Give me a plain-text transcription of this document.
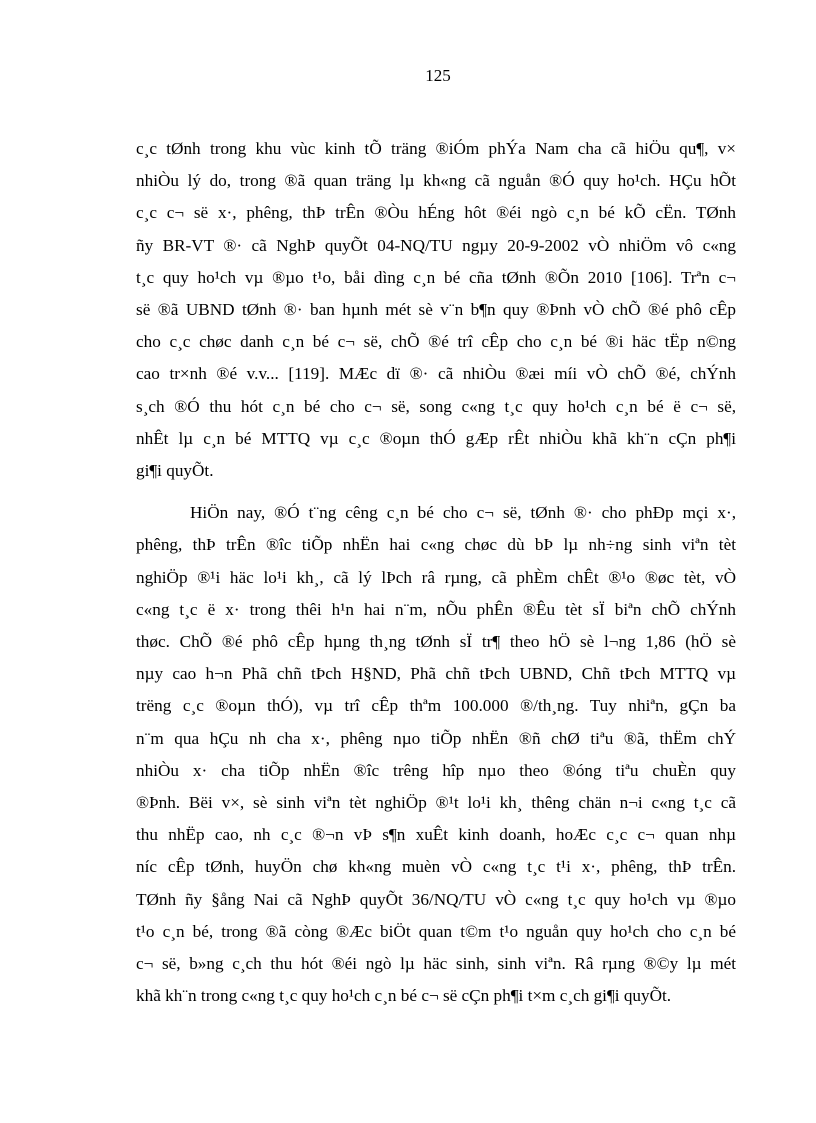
125

c¸c tØnh trong khu vùc kinh tÕ träng ®iÓm phÝa Nam cha cã hiÖu qu¶, v×
nhiÒu lý do, trong ®ã quan träng lµ kh«ng cã nguån ®Ó quy ho¹ch. HÇu hÕt
c¸c c¬ së x·, phêng, thÞ trÊn ®Òu hÉng hôt ®éi ngò c¸n bé kÕ cËn. TØnh
ñy BR-VT ®· cã NghÞ quyÕt 04-NQ/TU ngµy 20-9-2002 vÒ nhiÖm vô c«ng
t¸c quy ho¹ch vµ ®µo t¹o, båi dìng c¸n bé cña tØnh ®Õn 2010 [106]. Trªn c¬
së ®ã UBND tØnh ®· ban hµnh mét sè v¨n b¶n quy ®Þnh vÒ chÕ ®é phô cÊp
cho c¸c chøc danh c¸n bé c¬ së, chÕ ®é trî cÊp cho c¸n bé ®i häc tËp n©ng
cao tr×nh ®é v.v... [119]. MÆc dï ®· cã nhiÒu ®æi míi vÒ chÕ ®é, chÝnh
s¸ch ®Ó thu hót c¸n bé cho c¬ së, song c«ng t¸c quy ho¹ch c¸n bé ë c¬ së,
nhÊt lµ c¸n bé MTTQ vµ c¸c ®oµn thÓ gÆp rÊt nhiÒu khã kh¨n cÇn ph¶i
gi¶i quyÕt.

HiÖn nay, ®Ó t¨ng cêng c¸n bé cho c¬ së, tØnh ®· cho phÐp mçi x·,
phêng, thÞ trÊn ®îc tiÕp nhËn hai c«ng chøc dù bÞ lµ nh÷ng sinh viªn tèt
nghiÖp ®¹i häc lo¹i kh¸, cã lý lÞch râ rµng, cã phÈm chÊt ®¹o ®øc tèt, vÒ
c«ng t¸c ë x· trong thêi h¹n hai n¨m, nÕu phÊn ®Êu tèt sÏ biªn chÕ chÝnh
thøc. ChÕ ®é phô cÊp hµng th¸ng tØnh sÏ tr¶ theo hÖ sè l¬ng 1,86 (hÖ sè
nµy cao h¬n Phã chñ tÞch H§ND, Phã chñ tÞch UBND, Chñ tÞch MTTQ vµ
trëng c¸c ®oµn thÓ), vµ trî cÊp thªm 100.000 ®/th¸ng. Tuy nhiªn, gÇn ba
n¨m qua hÇu nh cha x·, phêng nµo tiÕp nhËn ®ñ chØ tiªu ®ã, thËm chÝ
nhiÒu x· cha tiÕp nhËn ®îc trêng hîp nµo theo ®óng tiªu chuÈn quy
®Þnh. Bëi v×, sè sinh viªn tèt nghiÖp ®¹t lo¹i kh¸ thêng chän n¬i c«ng t¸c cã
thu nhËp cao, nh c¸c ®¬n vÞ s¶n xuÊt kinh doanh, hoÆc c¸c c¬ quan nhµ
níc cÊp tØnh, huyÖn chø kh«ng muèn vÒ c«ng t¸c t¹i x·, phêng, thÞ trÊn.
TØnh ñy §ång Nai cã NghÞ quyÕt 36/NQ/TU vÒ c«ng t¸c quy ho¹ch vµ ®µo
t¹o c¸n bé, trong ®ã còng ®Æc biÖt quan t©m t¹o nguån quy ho¹ch cho c¸n bé
c¬ së, b»ng c¸ch thu hót ®éi ngò lµ häc sinh, sinh viªn. Râ rµng ®©y lµ mét
khã kh¨n trong c«ng t¸c quy ho¹ch c¸n bé c¬ së cÇn ph¶i t×m c¸ch gi¶i quyÕt.
